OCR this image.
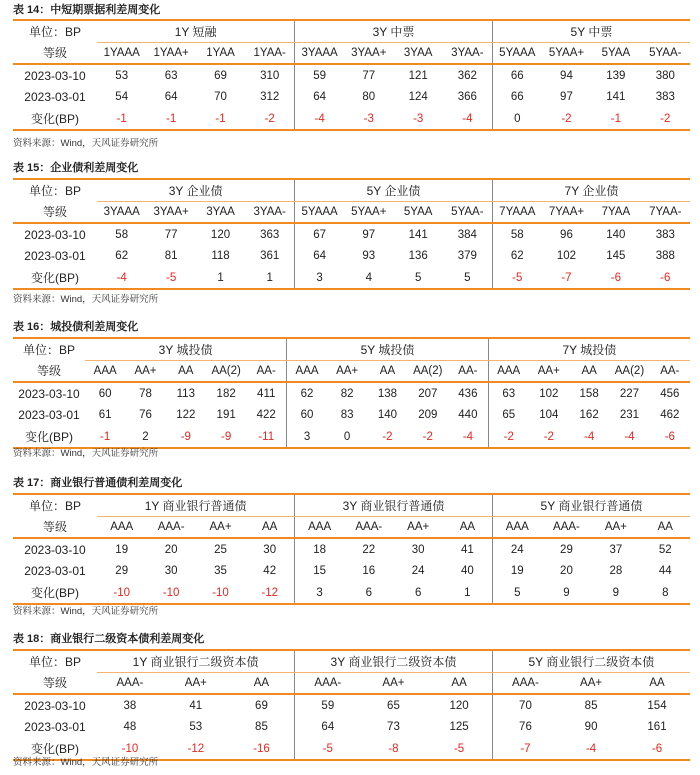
表 14：中短期票据利差周变化
单位：BP	1Y 短融				3Y 中票				5Y 中票			
等级	1YAAA	1YAA+	1YAA	1YAA-	3YAAA	3YAA+	3YAA	3YAA-	5YAAA	5YAA+	5YAA	5YAA-
2023-03-10	53	63	69	310	59	77	121	362	66	94	139	380
2023-03-01	54	64	70	312	64	80	124	366	66	97	141	383
变化(BP)	-1	-1	-1	-2	-4	-3	-3	-4	0	-2	-1	-2
资料来源：Wind，天风证券研究所
表 15：企业债利差周变化
单位：BP	3Y 企业债				5Y 企业债				7Y 企业债			
等级	3YAAA	3YAA+	3YAA	3YAA-	5YAAA	5YAA+	5YAA	5YAA-	7YAAA	7YAA+	7YAA	7YAA-
2023-03-10	58	77	120	363	67	97	141	384	58	96	140	383
2023-03-01	62	81	118	361	64	93	136	379	62	102	145	388
变化(BP)	-4	-5	1	1	3	4	5	5	-5	-7	-6	-6
资料来源：Wind，天风证券研究所
表 16：城投债利差周变化
单位：BP	3Y 城投债					5Y 城投债					7Y 城投债				
等级	AAA	AA+	AA	AA(2)	AA-	AAA	AA+	AA	AA(2)	AA-	AAA	AA+	AA	AA(2)	AA-
2023-03-10	60	78	113	182	411	62	82	138	207	436	63	102	158	227	456
2023-03-01	61	76	122	191	422	60	83	140	209	440	65	104	162	231	462
变化(BP)	-1	2	-9	-9	-11	3	0	-2	-2	-4	-2	-2	-4	-4	-6
资料来源：Wind，天风证券研究所
表 17：商业银行普通债利差周变化
单位：BP	1Y 商业银行普通债				3Y 商业银行普通债				5Y 商业银行普通债			
等级	AAA	AAA-	AA+	AA	AAA	AAA-	AA+	AA	AAA	AAA-	AA+	AA
2023-03-10	19	20	25	30	18	22	30	41	24	29	37	52
2023-03-01	29	30	35	42	15	16	24	40	19	20	28	44
变化(BP)	-10	-10	-10	-12	3	6	6	1	5	9	9	8
资料来源：Wind，天风证券研究所
表 18：商业银行二级资本债利差周变化
单位：BP	1Y 商业银行二级资本债			3Y 商业银行二级资本债			5Y 商业银行二级资本债		
等级	AAA-	AA+	AA	AAA-	AA+	AA	AAA-	AA+	AA
2023-03-10	38	41	69	59	65	120	70	85	154
2023-03-01	48	53	85	64	73	125	76	90	161
变化(BP)	-10	-12	-16	-5	-8	-5	-7	-4	-6
资料来源：Wind，天风证券研究所
